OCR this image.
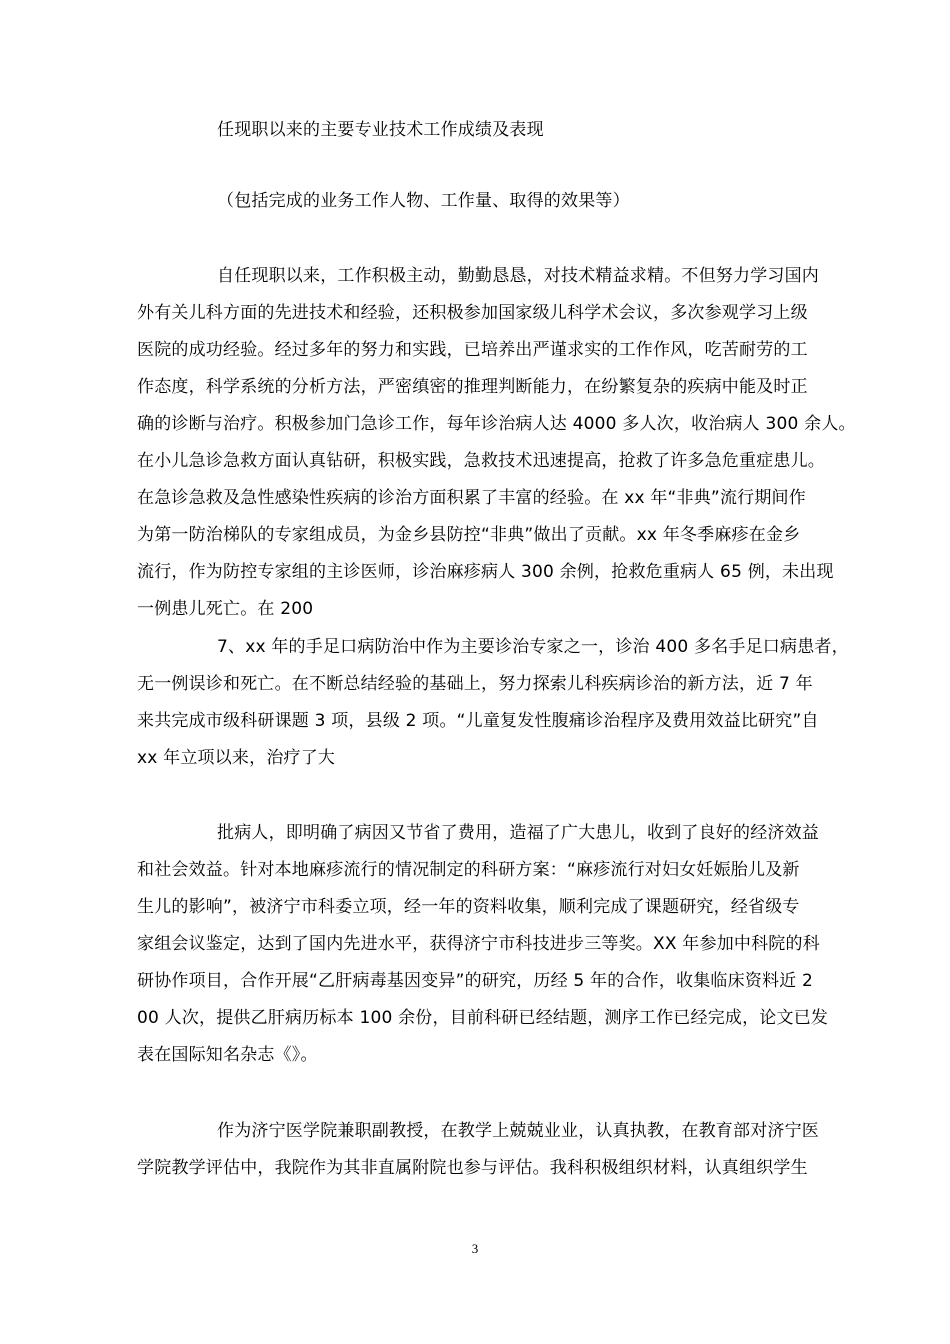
任现职以来的主要专业技术工作成绩及表现
（包括完成的业务工作人物、工作量、取得的效果等）
自任现职以来，工作积极主动，勤勤恳恳，对技术精益求精。不但努力学习国内
外有关儿科方面的先进技术和经验，还积极参加国家级儿科学术会议，多次参观学习上级
医院的成功经验。经过多年的努力和实践，已培养出严谨求实的工作作风，吃苦耐劳的工
作态度，科学系统的分析方法，严密缜密的推理判断能力，在纷繁复杂的疾病中能及时正
确的诊断与治疗。积极参加门急诊工作，每年诊治病人达 4000 多人次，收治病人 300 余人。
在小儿急诊急救方面认真钻研，积极实践，急救技术迅速提高，抢救了许多急危重症患儿。
在急诊急救及急性感染性疾病的诊治方面积累了丰富的经验。在 xx 年“非典”流行期间作
为第一防治梯队的专家组成员，为金乡县防控“非典”做出了贡献。xx 年冬季麻疹在金乡
流行，作为防控专家组的主诊医师，诊治麻疹病人 300 余例，抢救危重病人 65 例，未出现
一例患儿死亡。在 200
7、xx 年的手足口病防治中作为主要诊治专家之一，诊治 400 多名手足口病患者，
无一例误诊和死亡。在不断总结经验的基础上，努力探索儿科疾病诊治的新方法，近 7 年
来共完成市级科研课题 3 项，县级 2 项。“儿童复发性腹痛诊治程序及费用效益比研究”自
xx 年立项以来，治疗了大
批病人，即明确了病因又节省了费用，造福了广大患儿，收到了良好的经济效益
和社会效益。针对本地麻疹流行的情况制定的科研方案：“麻疹流行对妇女妊娠胎儿及新
生儿的影响”，被济宁市科委立项，经一年的资料收集，顺利完成了课题研究，经省级专
家组会议鉴定，达到了国内先进水平，获得济宁市科技进步三等奖。XX 年参加中科院的科
研协作项目，合作开展“乙肝病毒基因变异”的研究，历经 5 年的合作，收集临床资料近 2
00 人次，提供乙肝病历标本 100 余份，目前科研已经结题，测序工作已经完成，论文已发
表在国际知名杂志《》。
作为济宁医学院兼职副教授，在教学上兢兢业业，认真执教，在教育部对济宁医
学院教学评估中，我院作为其非直属附院也参与评估。我科积极组织材料，认真组织学生
3
